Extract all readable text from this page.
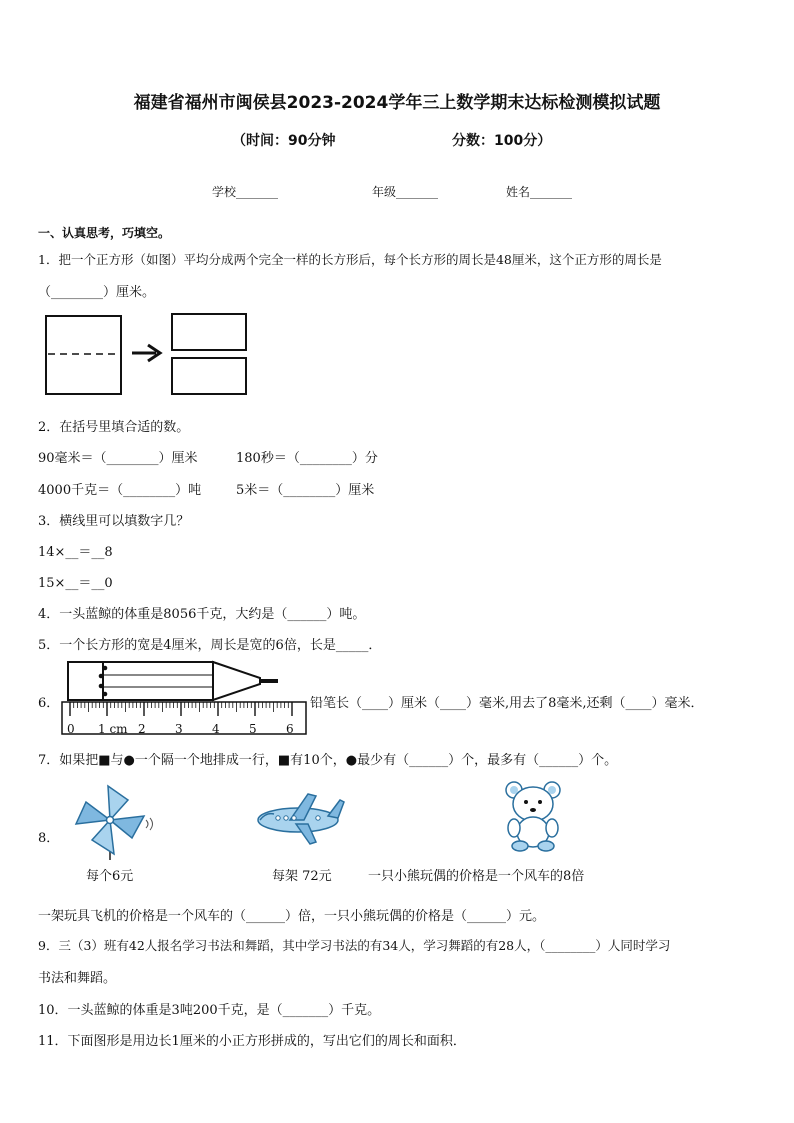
福建省福州市闽侯县2023-2024学年三上数学期末达标检测模拟试题
（时间：90分钟	分数：100分）
学校_______	年级_______	姓名_______
一、认真思考，巧填空。
1．把一个正方形（如图）平均分成两个完全一样的长方形后，每个长方形的周长是48厘米，这个正方形的周长是
（________）厘米。
2．在括号里填合适的数。
90毫米＝（________）厘米	180秒＝（________）分
4000千克＝（________）吨	5米＝（________）厘米
3．横线里可以填数字几？
14×__＝__8
15×__＝__0
4．一头蓝鲸的体重是8056千克，大约是（______）吨。
5．一个长方形的宽是4厘米，周长是宽的6倍，长是_____．
6．
0 1 cm 2 3 4 5 6
铅笔长（____）厘米（____）毫米,用去了8毫米,还剩（____）毫米．
7．如果把■与●一个隔一个地排成一行，■有10个，●最少有（______）个，最多有（______）个。
8．
每个6元	每架 72元	一只小熊玩偶的价格是一个风车的8倍
一架玩具飞机的价格是一个风车的（______）倍，一只小熊玩偶的价格是（______）元。
9．三（3）班有42人报名学习书法和舞蹈，其中学习书法的有34人，学习舞蹈的有28人，（________）人同时学习
书法和舞蹈。
10．一头蓝鲸的体重是3吨200千克，是（_______）千克。
11．下面图形是用边长1厘米的小正方形拼成的，写出它们的周长和面积．
